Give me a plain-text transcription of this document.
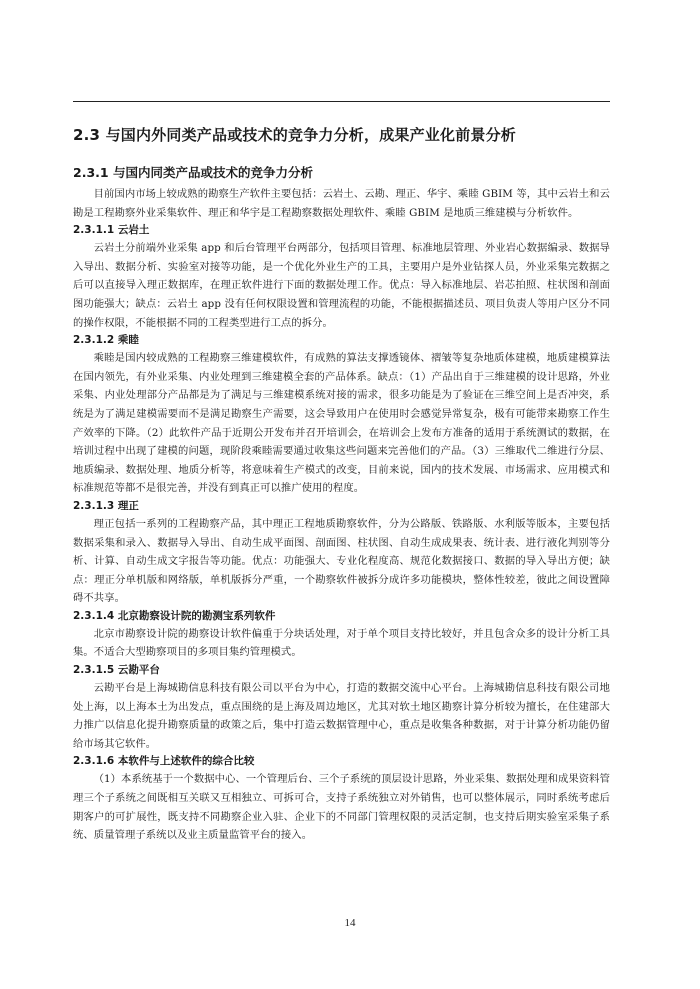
2.3 与国内外同类产品或技术的竞争力分析，成果产业化前景分析
2.3.1 与国内同类产品或技术的竞争力分析

目前国内市场上较成熟的勘察生产软件主要包括：云岩土、云勘、理正、华宇、乘睦 GBIM 等，其中云岩土和云勘是工程勘察外业采集软件、理正和华宇是工程勘察数据处理软件、乘睦 GBIM 是地质三维建模与分析软件。

2.3.1.1 云岩土

云岩土分前端外业采集 app 和后台管理平台两部分，包括项目管理、标准地层管理、外业岩心数据编录、数据导入导出、数据分析、实验室对接等功能，是一个优化外业生产的工具，主要用户是外业钻探人员，外业采集完数据之后可以直接导入理正数据库，在理正软件进行下面的数据处理工作。优点：导入标准地层、岩芯拍照、柱状图和剖面图功能强大；缺点：云岩土 app 没有任何权限设置和管理流程的功能，不能根据描述员、项目负责人等用户区分不同的操作权限，不能根据不同的工程类型进行工点的拆分。

2.3.1.2 乘睦

乘睦是国内较成熟的工程勘察三维建模软件，有成熟的算法支撑透镜体、褶皱等复杂地质体建模，地质建模算法在国内领先，有外业采集、内业处理到三维建模全套的产品体系。缺点：（1）产品出自于三维建模的设计思路，外业采集、内业处理部分产品都是为了满足与三维建模系统对接的需求，很多功能是为了验证在三维空间上是否冲突，系统是为了满足建模需要而不是满足勘察生产需要，这会导致用户在使用时会感觉异常复杂，极有可能带来勘察工作生产效率的下降。（2）此软件产品于近期公开发布并召开培训会，在培训会上发布方准备的适用于系统测试的数据，在培训过程中出现了建模的问题，现阶段乘睦需要通过收集这些问题来完善他们的产品。（3）三维取代二维进行分层、地质编录、数据处理、地质分析等，将意味着生产模式的改变，目前来说，国内的技术发展、市场需求、应用模式和标准规范等都不是很完善，并没有到真正可以推广使用的程度。

2.3.1.3 理正

理正包括一系列的工程勘察产品，其中理正工程地质勘察软件，分为公路版、铁路版、水利版等版本，主要包括数据采集和录入、数据导入导出、自动生成平面图、剖面图、柱状图、自动生成成果表、统计表、进行液化判别等分析、计算、自动生成文字报告等功能。优点：功能强大、专业化程度高、规范化数据接口、数据的导入导出方便；缺点：理正分单机版和网络版，单机版拆分严重，一个勘察软件被拆分成许多功能模块，整体性较差，彼此之间设置障碍不共享。

2.3.1.4 北京勘察设计院的勘测宝系列软件

北京市勘察设计院的勘察设计软件偏重于分块话处理，对于单个项目支持比较好，并且包含众多的设计分析工具集。不适合大型勘察项目的多项目集约管理模式。

2.3.1.5 云勘平台

云勘平台是上海城勘信息科技有限公司以平台为中心，打造的数据交流中心平台。上海城勘信息科技有限公司地处上海，以上海本土为出发点，重点围绕的是上海及周边地区，尤其对软土地区勘察计算分析较为擅长，在住建部大力推广以信息化提升勘察质量的政策之后，集中打造云数据管理中心，重点是收集各种数据，对于计算分析功能仍留给市场其它软件。

2.3.1.6 本软件与上述软件的综合比较

（1）本系统基于一个数据中心、一个管理后台、三个子系统的顶层设计思路，外业采集、数据处理和成果资料管理三个子系统之间既相互关联又互相独立、可拆可合，支持子系统独立对外销售，也可以整体展示，同时系统考虑后期客户的可扩展性，既支持不同勘察企业入驻、企业下的不同部门管理权限的灵活定制，也支持后期实验室采集子系统、质量管理子系统以及业主质量监管平台的接入。

14
